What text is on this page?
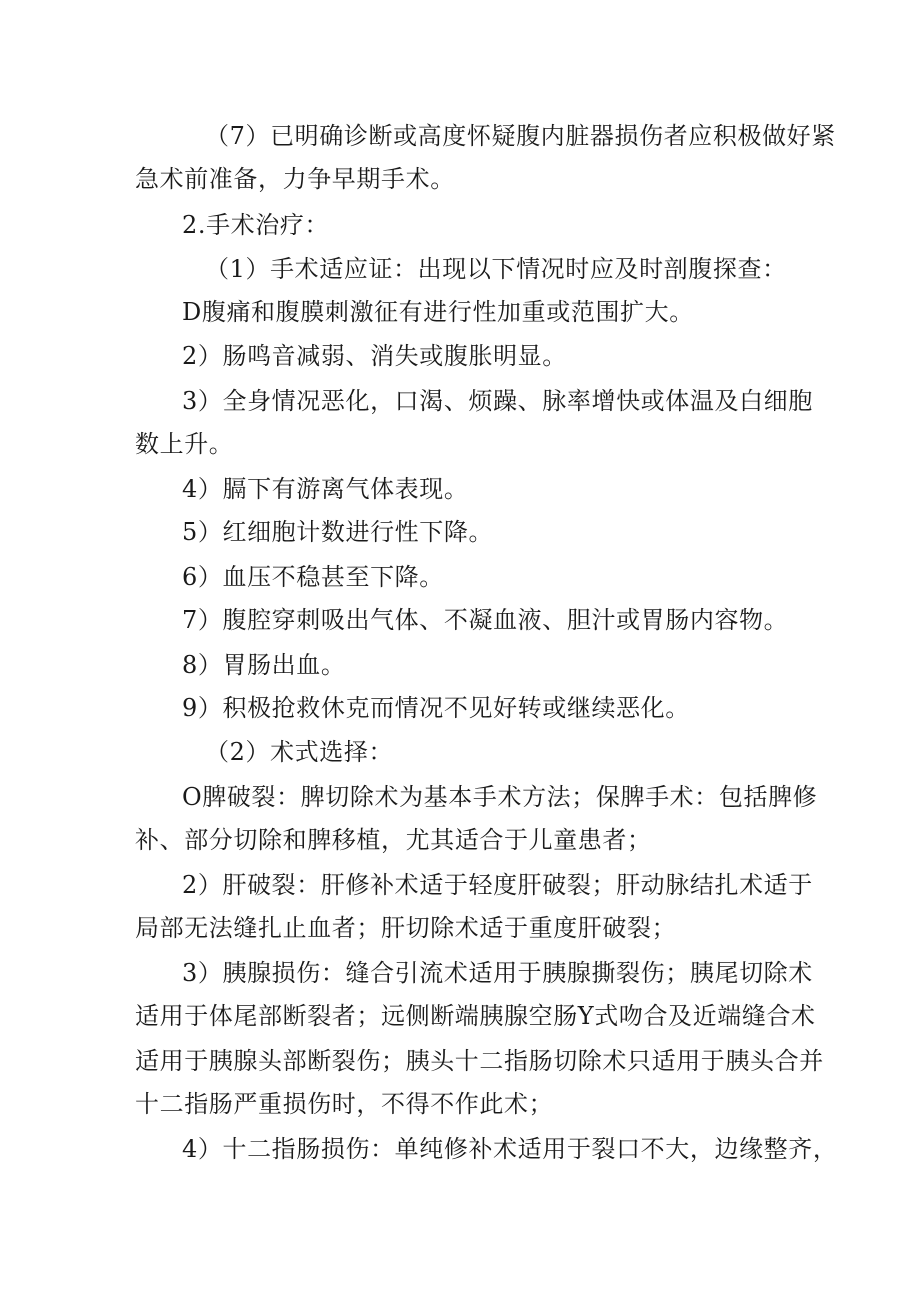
（7）已明确诊断或高度怀疑腹内脏器损伤者应积极做好紧
急术前准备，力争早期手术。
2.手术治疗：
（1）手术适应证：出现以下情况时应及时剖腹探查：
D腹痛和腹膜刺激征有进行性加重或范围扩大。
2）肠鸣音减弱、消失或腹胀明显。
3）全身情况恶化，口渴、烦躁、脉率增快或体温及白细胞
数上升。
4）膈下有游离气体表现。
5）红细胞计数进行性下降。
6）血压不稳甚至下降。
7）腹腔穿刺吸出气体、不凝血液、胆汁或胃肠内容物。
8）胃肠出血。
9）积极抢救休克而情况不见好转或继续恶化。
（2）术式选择：
O脾破裂：脾切除术为基本手术方法；保脾手术：包括脾修
补、部分切除和脾移植，尤其适合于儿童患者；
2）肝破裂：肝修补术适于轻度肝破裂；肝动脉结扎术适于
局部无法缝扎止血者；肝切除术适于重度肝破裂；
3）胰腺损伤：缝合引流术适用于胰腺撕裂伤；胰尾切除术
适用于体尾部断裂者；远侧断端胰腺空肠Y式吻合及近端缝合术
适用于胰腺头部断裂伤；胰头十二指肠切除术只适用于胰头合并
十二指肠严重损伤时，不得不作此术；
4）十二指肠损伤：单纯修补术适用于裂口不大，边缘整齐，
